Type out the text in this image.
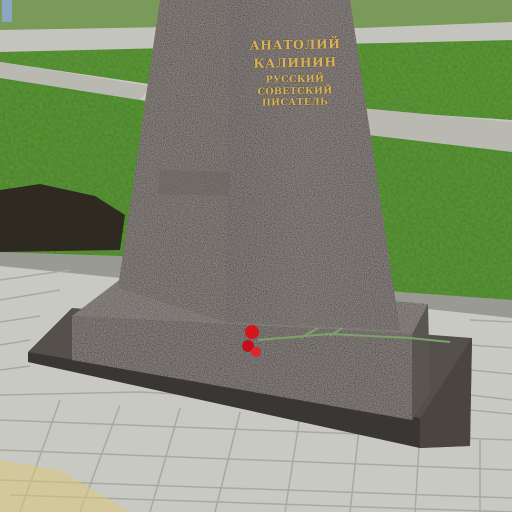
АНАТОЛИЙ
КАЛИНИН
РУССКИЙ
СОВЕТСКИЙ
ПИСАТЕЛЬ
